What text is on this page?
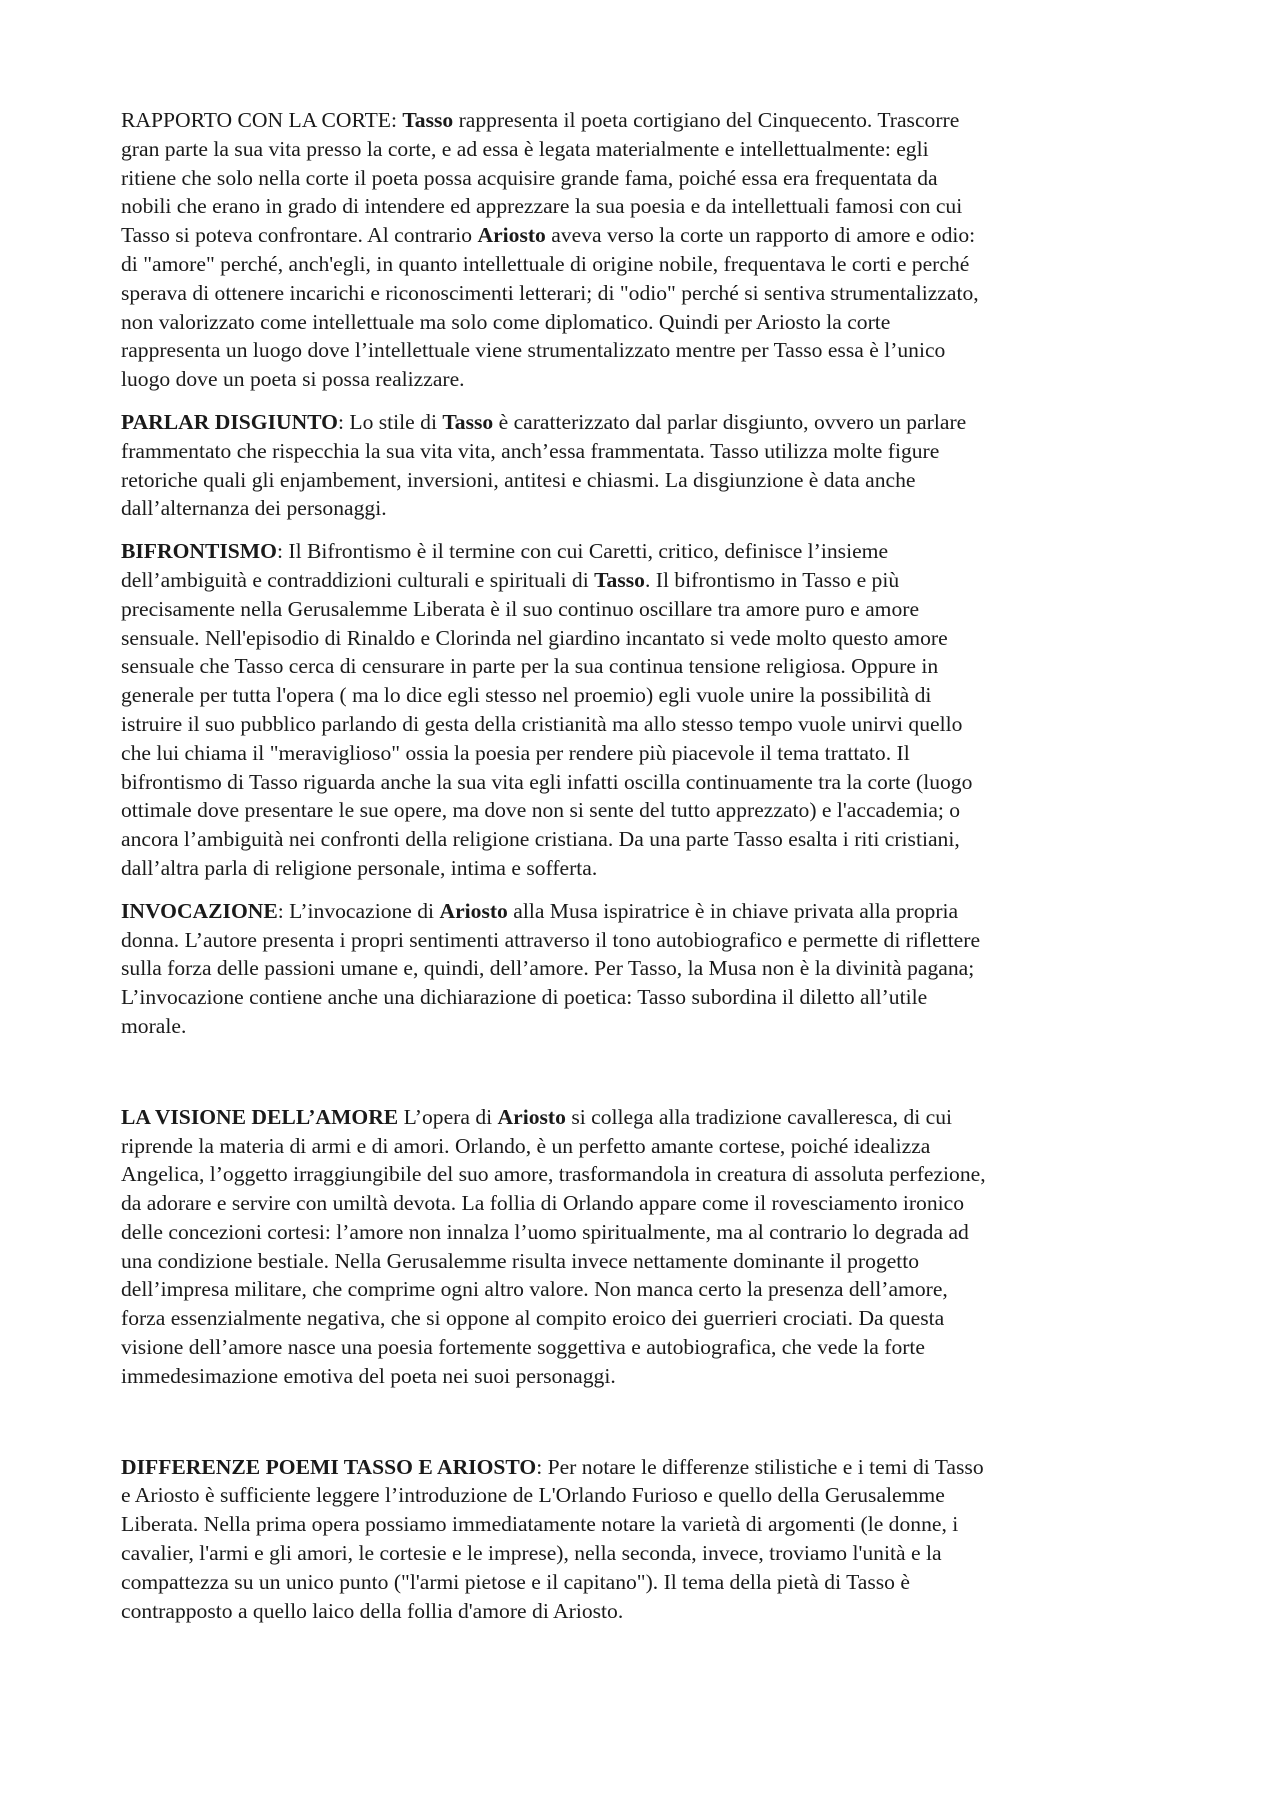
RAPPORTO CON LA CORTE: Tasso rappresenta il poeta cortigiano del Cinquecento. Trascorre
gran parte la sua vita presso la corte, e ad essa è legata materialmente e intellettualmente: egli
ritiene che solo nella corte il poeta possa acquisire grande fama, poiché essa era frequentata da
nobili che erano in grado di intendere ed apprezzare la sua poesia e da intellettuali famosi con cui
Tasso si poteva confrontare. Al contrario Ariosto aveva verso la corte un rapporto di amore e odio:
di "amore" perché, anch'egli, in quanto intellettuale di origine nobile, frequentava le corti e perché
sperava di ottenere incarichi e riconoscimenti letterari; di "odio" perché si sentiva strumentalizzato,
non valorizzato come intellettuale ma solo come diplomatico. Quindi per Ariosto la corte
rappresenta un luogo dove l’intellettuale viene strumentalizzato mentre per Tasso essa è l’unico
luogo dove un poeta si possa realizzare.

PARLAR DISGIUNTO: Lo stile di Tasso è caratterizzato dal parlar disgiunto, ovvero un parlare
frammentato che rispecchia la sua vita vita, anch’essa frammentata. Tasso utilizza molte figure
retoriche quali gli enjambement, inversioni, antitesi e chiasmi. La disgiunzione è data anche
dall’alternanza dei personaggi.

BIFRONTISMO: Il Bifrontismo è il termine con cui Caretti, critico, definisce l’insieme
dell’ambiguità e contraddizioni culturali e spirituali di Tasso. Il bifrontismo in Tasso e più
precisamente nella Gerusalemme Liberata è il suo continuo oscillare tra amore puro e amore
sensuale. Nell'episodio di Rinaldo e Clorinda nel giardino incantato si vede molto questo amore
sensuale che Tasso cerca di censurare in parte per la sua continua tensione religiosa. Oppure in
generale per tutta l'opera ( ma lo dice egli stesso nel proemio) egli vuole unire la possibilità di
istruire il suo pubblico parlando di gesta della cristianità ma allo stesso tempo vuole unirvi quello
che lui chiama il "meraviglioso" ossia la poesia per rendere più piacevole il tema trattato. Il
bifrontismo di Tasso riguarda anche la sua vita egli infatti oscilla continuamente tra la corte (luogo
ottimale dove presentare le sue opere, ma dove non si sente del tutto apprezzato) e l'accademia; o
ancora l’ambiguità nei confronti della religione cristiana. Da una parte Tasso esalta i riti cristiani,
dall’altra parla di religione personale, intima e sofferta.

INVOCAZIONE: L’invocazione di Ariosto alla Musa ispiratrice è in chiave privata alla propria
donna. L’autore presenta i propri sentimenti attraverso il tono autobiografico e permette di riflettere
sulla forza delle passioni umane e, quindi, dell’amore. Per Tasso, la Musa non è la divinità pagana;
L’invocazione contiene anche una dichiarazione di poetica: Tasso subordina il diletto all’utile
morale.

LA VISIONE DELL’AMORE L’opera di Ariosto si collega alla tradizione cavalleresca, di cui
riprende la materia di armi e di amori. Orlando, è un perfetto amante cortese, poiché idealizza
Angelica, l’oggetto irraggiungibile del suo amore, trasformandola in creatura di assoluta perfezione,
da adorare e servire con umiltà devota. La follia di Orlando appare come il rovesciamento ironico
delle concezioni cortesi: l’amore non innalza l’uomo spiritualmente, ma al contrario lo degrada ad
una condizione bestiale. Nella Gerusalemme risulta invece nettamente dominante il progetto
dell’impresa militare, che comprime ogni altro valore. Non manca certo la presenza dell’amore,
forza essenzialmente negativa, che si oppone al compito eroico dei guerrieri crociati. Da questa
visione dell’amore nasce una poesia fortemente soggettiva e autobiografica, che vede la forte
immedesimazione emotiva del poeta nei suoi personaggi.

DIFFERENZE POEMI TASSO E ARIOSTO: Per notare le differenze stilistiche e i temi di Tasso
e Ariosto è sufficiente leggere l’introduzione de L'Orlando Furioso e quello della Gerusalemme
Liberata. Nella prima opera possiamo immediatamente notare la varietà di argomenti (le donne, i
cavalier, l'armi e gli amori, le cortesie e le imprese), nella seconda, invece, troviamo l'unità e la
compattezza su un unico punto ("l'armi pietose e il capitano"). Il tema della pietà di Tasso è
contrapposto a quello laico della follia d'amore di Ariosto.
